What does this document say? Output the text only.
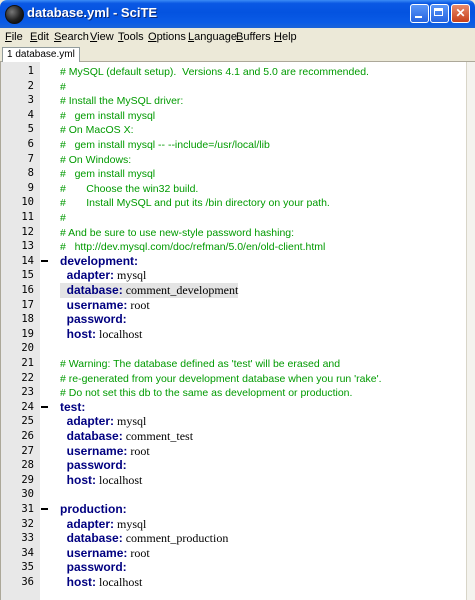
database.yml - SciTE	✕
File Edit Search View Tools Options Language Buffers Help
1 database.yml
1 # MySQL (default setup).  Versions 4.1 and 5.0 are recommended.
2 #
3 # Install the MySQL driver:
4 #   gem install mysql
5 # On MacOS X:
6 #   gem install mysql -- --include=/usr/local/lib
7 # On Windows:
8 #   gem install mysql
9 #       Choose the win32 build.
10 #       Install MySQL and put its /bin directory on your path.
11 #
12 # And be sure to use new-style password hashing:
13 #   http://dev.mysql.com/doc/refman/5.0/en/old-client.html
14 development:
15 adapter: mysql
16 database: comment_development
17 username: root
18 password:
19 host: localhost
20
21 # Warning: The database defined as 'test' will be erased and
22 # re-generated from your development database when you run 'rake'.
23 # Do not set this db to the same as development or production.
24 test:
25 adapter: mysql
26 database: comment_test
27 username: root
28 password:
29 host: localhost
30
31 production:
32 adapter: mysql
33 database: comment_production
34 username: root
35 password:
36 host: localhost
